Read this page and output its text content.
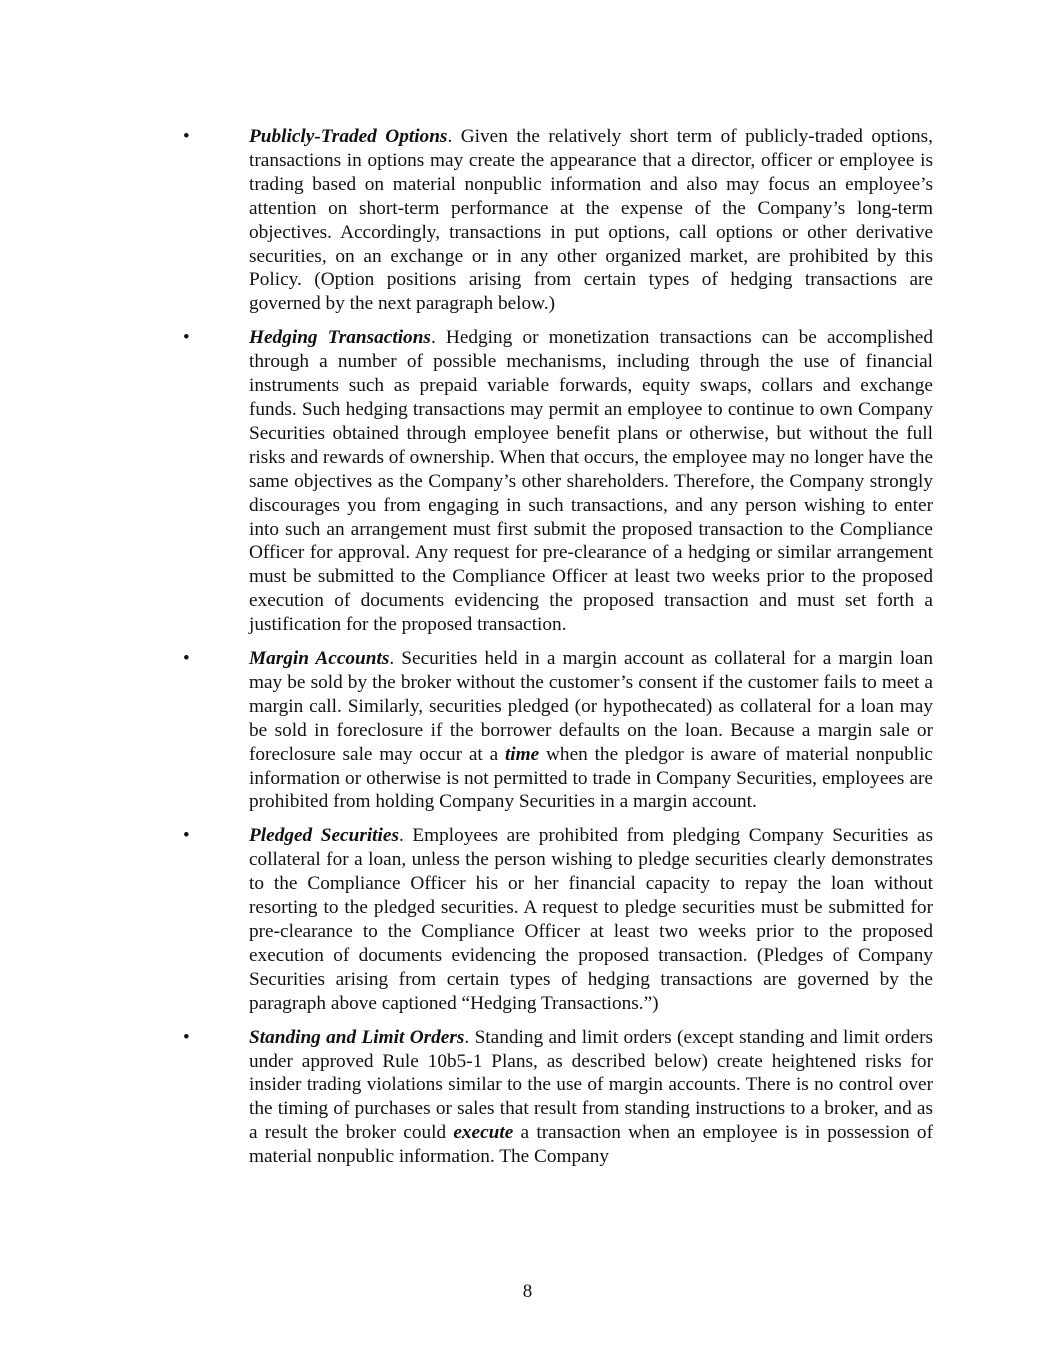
•	Publicly-Traded Options. Given the relatively short term of publicly-traded options, transactions in options may create the appearance that a director, officer or employee is trading based on material nonpublic information and also may focus an employee’s attention on short-term performance at the expense of the Company’s long-term objectives. Accordingly, transactions in put options, call options or other derivative securities, on an exchange or in any other organized market, are prohibited by this Policy. (Option positions arising from certain types of hedging transactions are governed by the next paragraph below.)

•	Hedging Transactions. Hedging or monetization transactions can be accomplished through a number of possible mechanisms, including through the use of financial instruments such as prepaid variable forwards, equity swaps, collars and exchange funds. Such hedging transactions may permit an employee to continue to own Company Securities obtained through employee benefit plans or otherwise, but without the full risks and rewards of ownership. When that occurs, the employee may no longer have the same objectives as the Company’s other shareholders. Therefore, the Company strongly discourages you from engaging in such transactions, and any person wishing to enter into such an arrangement must first submit the proposed transaction to the Compliance Officer for approval. Any request for pre-clearance of a hedging or similar arrangement must be submitted to the Compliance Officer at least two weeks prior to the proposed execution of documents evidencing the proposed transaction and must set forth a justification for the proposed transaction.

•	Margin Accounts. Securities held in a margin account as collateral for a margin loan may be sold by the broker without the customer’s consent if the customer fails to meet a margin call. Similarly, securities pledged (or hypothecated) as collateral for a loan may be sold in foreclosure if the borrower defaults on the loan. Because a margin sale or foreclosure sale may occur at a time when the pledgor is aware of material nonpublic information or otherwise is not permitted to trade in Company Securities, employees are prohibited from holding Company Securities in a margin account.

•	Pledged Securities. Employees are prohibited from pledging Company Securities as collateral for a loan, unless the person wishing to pledge securities clearly demonstrates to the Compliance Officer his or her financial capacity to repay the loan without resorting to the pledged securities. A request to pledge securities must be submitted for pre-clearance to the Compliance Officer at least two weeks prior to the proposed execution of documents evidencing the proposed transaction. (Pledges of Company Securities arising from certain types of hedging transactions are governed by the paragraph above captioned “Hedging Transactions.”)

•	Standing and Limit Orders. Standing and limit orders (except standing and limit orders under approved Rule 10b5-1 Plans, as described below) create heightened risks for insider trading violations similar to the use of margin accounts. There is no control over the timing of purchases or sales that result from standing instructions to a broker, and as a result the broker could execute a transaction when an employee is in possession of material nonpublic information. The Company

8
